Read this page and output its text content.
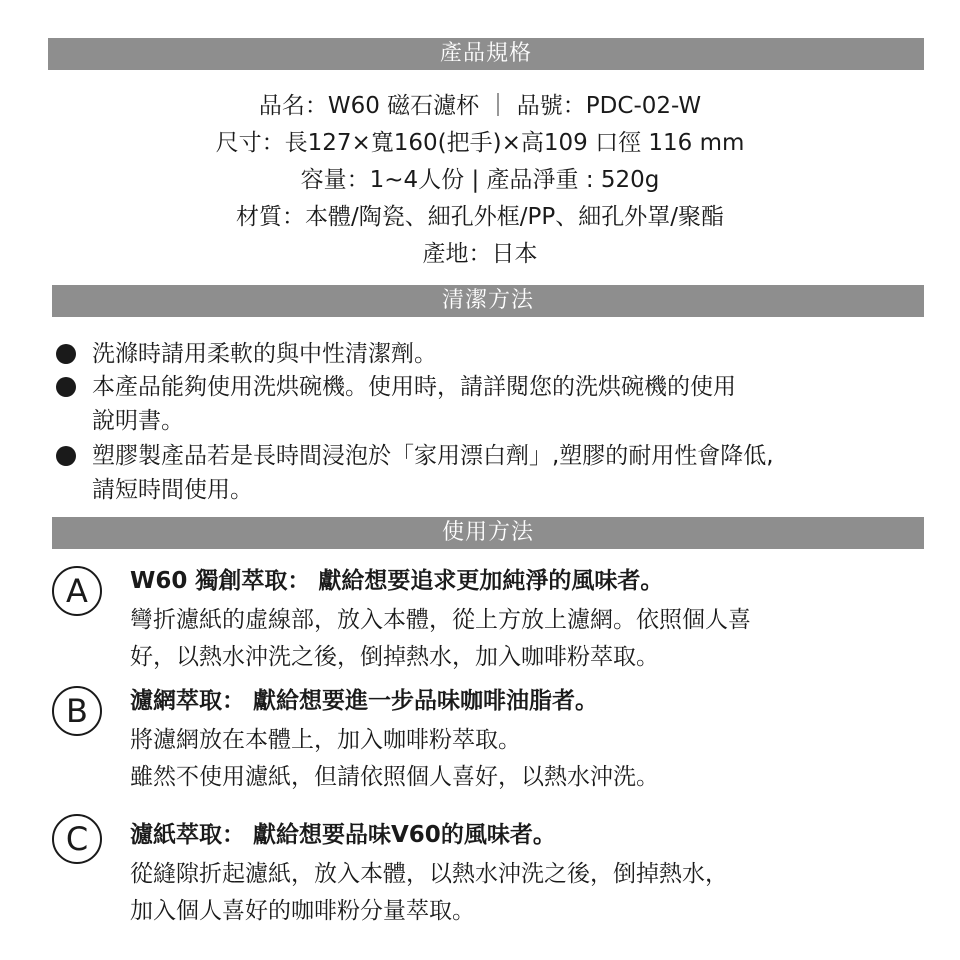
產品規格
品名：W60 磁石濾杯 ｜ 品號：PDC-02-W
尺寸：長127×寬160(把手)×高109 口徑 116 mm
容量：1~4人份 | 產品淨重 : 520g
材質：本體/陶瓷、細孔外框/PP、細孔外罩/聚酯
產地：日本
清潔方法
洗滌時請用柔軟的與中性清潔劑。
本產品能夠使用洗烘碗機。使用時，請詳閱您的洗烘碗機的使用
說明書。
塑膠製產品若是長時間浸泡於「家用漂白劑」,塑膠的耐用性會降低,
請短時間使用。
使用方法
A	W60 獨創萃取： 獻給想要追求更加純淨的風味者。
彎折濾紙的虛線部，放入本體，從上方放上濾網。依照個人喜
好，以熱水沖洗之後，倒掉熱水，加入咖啡粉萃取。
B	濾網萃取： 獻給想要進一步品味咖啡油脂者。
將濾網放在本體上，加入咖啡粉萃取。
雖然不使用濾紙，但請依照個人喜好，以熱水沖洗。
C	濾紙萃取： 獻給想要品味V60的風味者。
從縫隙折起濾紙，放入本體，以熱水沖洗之後，倒掉熱水，
加入個人喜好的咖啡粉分量萃取。
